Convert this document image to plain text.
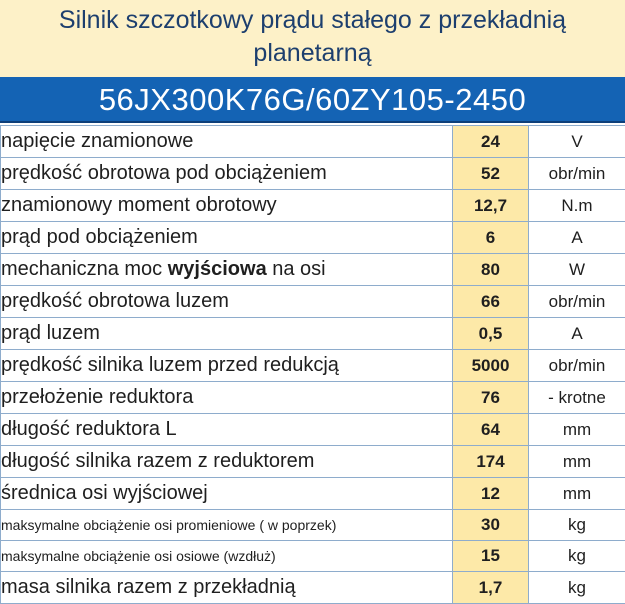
Silnik szczotkowy prądu stałego z przekładnią
planetarną
56JX300K76G/60ZY105-2450
napięcie znamionowe	24	V
prędkość obrotowa pod obciążeniem	52	obr/min
znamionowy moment obrotowy	12,7	N.m
prąd pod obciążeniem	6	A
mechaniczna moc wyjściowa na osi	80	W
prędkość obrotowa luzem	66	obr/min
prąd luzem	0,5	A
prędkość silnika luzem przed redukcją	5000	obr/min
przełożenie reduktora	76	- krotne
długość reduktora L	64	mm
długość silnika razem z reduktorem	174	mm
średnica osi wyjściowej	12	mm
maksymalne obciążenie osi promieniowe ( w poprzek)	30	kg
maksymalne obciążenie osi osiowe (wzdłuż)	15	kg
masa silnika razem z przekładnią	1,7	kg
